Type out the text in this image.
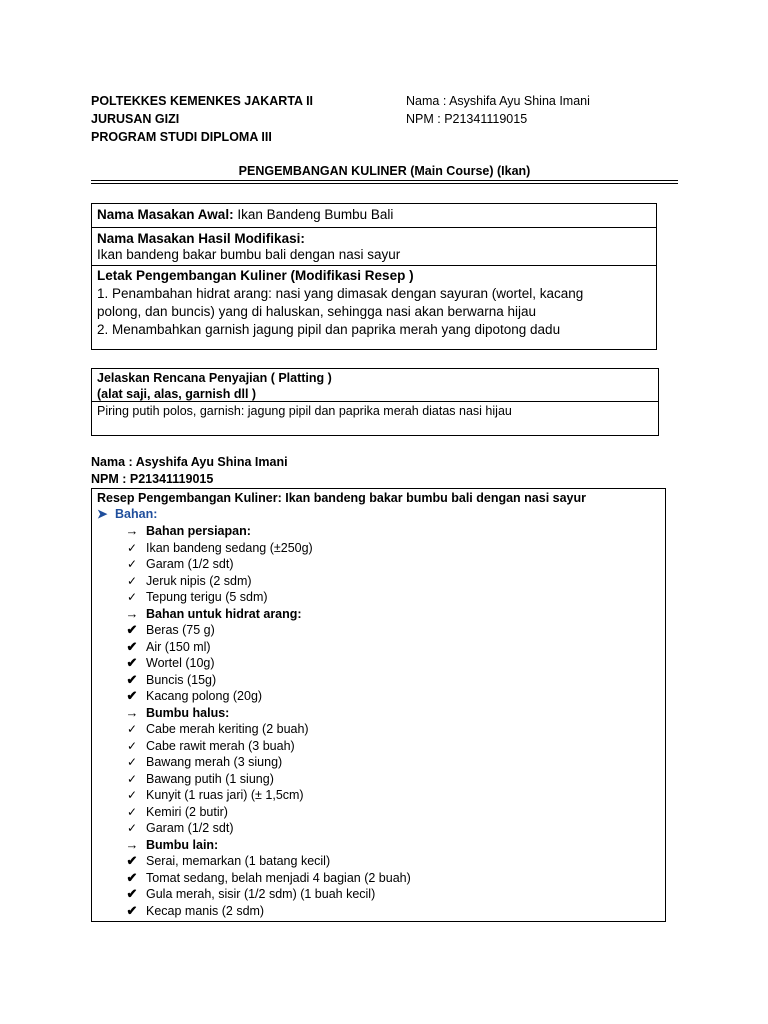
POLTEKKES KEMENKES JAKARTA II
JURUSAN GIZI
PROGRAM STUDI DIPLOMA III
Nama : Asyshifa Ayu Shina Imani
NPM : P21341119015
PENGEMBANGAN KULINER (Main Course) (Ikan)
Nama Masakan Awal: Ikan Bandeng Bumbu Bali
Nama Masakan Hasil Modifikasi:
Ikan bandeng bakar bumbu bali dengan nasi sayur
Letak Pengembangan Kuliner (Modifikasi Resep )
1. Penambahan hidrat arang: nasi yang dimasak dengan sayuran (wortel, kacang
polong, dan buncis) yang di haluskan, sehingga nasi akan berwarna hijau
2. Menambahkan garnish jagung pipil dan paprika merah yang dipotong dadu
Jelaskan Rencana Penyajian ( Platting )
(alat saji, alas, garnish dll )
Piring putih polos, garnish: jagung pipil dan paprika merah diatas nasi hijau
Nama : Asyshifa Ayu Shina Imani
NPM : P21341119015
Resep Pengembangan Kuliner: Ikan bandeng bakar bumbu bali dengan nasi sayur
➤ Bahan:
→ Bahan persiapan:
✓ Ikan bandeng sedang (±250g)
✓ Garam (1/2 sdt)
✓ Jeruk nipis (2 sdm)
✓ Tepung terigu (5 sdm)
→ Bahan untuk hidrat arang:
✔ Beras (75 g)
✔ Air (150 ml)
✔ Wortel (10g)
✔ Buncis (15g)
✔ Kacang polong (20g)
→ Bumbu halus:
✓ Cabe merah keriting (2 buah)
✓ Cabe rawit merah (3 buah)
✓ Bawang merah (3 siung)
✓ Bawang putih (1 siung)
✓ Kunyit (1 ruas jari) (± 1,5cm)
✓ Kemiri (2 butir)
✓ Garam (1/2 sdt)
→ Bumbu lain:
✔ Serai, memarkan (1 batang kecil)
✔ Tomat sedang, belah menjadi 4 bagian (2 buah)
✔ Gula merah, sisir (1/2 sdm) (1 buah kecil)
✔ Kecap manis (2 sdm)
